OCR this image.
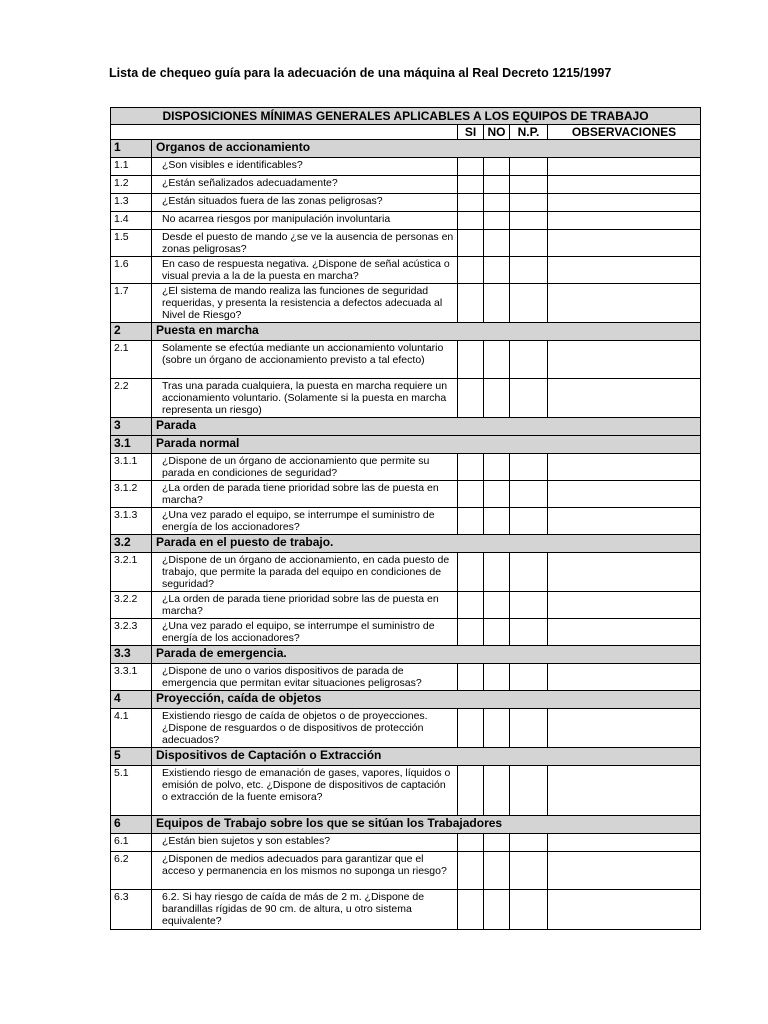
Lista de chequeo guía para la adecuación de una máquina al Real Decreto 1215/1997
DISPOSICIONES MÍNIMAS GENERALES APLICABLES A LOS EQUIPOS DE TRABAJO					
		SI	NO	N.P.	OBSERVACIONES
1	Organos de accionamiento				
1.1	¿Son visibles e identificables?				
1.2	¿Están señalizados adecuadamente?				
1.3	¿Están situados fuera de las zonas peligrosas?				
1.4	No acarrea riesgos por manipulación involuntaria				
1.5	Desde el puesto de mando ¿se ve la ausencia de personas en zonas peligrosas?				
1.6	En caso de respuesta negativa. ¿Dispone de señal acústica o visual previa a la de la puesta en marcha?				
1.7	¿El sistema de mando realiza las funciones de seguridad requeridas, y presenta la resistencia a defectos adecuada al Nivel de Riesgo?				
2	Puesta en marcha				
2.1	Solamente se efectúa mediante un accionamiento voluntario (sobre un órgano de accionamiento previsto a tal efecto)				
2.2	Tras una parada cualquiera, la puesta en marcha requiere un accionamiento voluntario. (Solamente si la puesta en marcha representa un riesgo)				
3	Parada				
3.1	Parada normal				
3.1.1	¿Dispone de un órgano de accionamiento que permite su parada en condiciones de seguridad?				
3.1.2	¿La orden de parada tiene prioridad sobre las de puesta en marcha?				
3.1.3	¿Una vez parado el equipo, se interrumpe el suministro de energía de los accionadores?				
3.2	Parada en el puesto de trabajo.				
3.2.1	¿Dispone de un órgano de accionamiento, en cada puesto de trabajo, que permite la parada del equipo en condiciones de seguridad?				
3.2.2	¿La orden de parada tiene prioridad sobre las de puesta en marcha?				
3.2.3	¿Una vez parado el equipo, se interrumpe el suministro de energía de los accionadores?				
3.3	Parada de emergencia.				
3.3.1	¿Dispone de uno o varios dispositivos de parada de emergencia que permitan evitar situaciones peligrosas?				
4	Proyección, caída de objetos				
4.1	Existiendo riesgo de caída de objetos o de proyecciones. ¿Dispone de resguardos o de dispositivos de protección adecuados?				
5	Dispositivos de Captación o Extracción				
5.1	Existiendo riesgo de emanación de gases, vapores, líquidos o emisión de polvo, etc. ¿Dispone de dispositivos de captación o extracción de la fuente emisora?				
6	Equipos de Trabajo sobre los que se sitúan los Trabajadores				
6.1	¿Están bien sujetos y son estables?				
6.2	¿Disponen de medios adecuados para garantizar que el acceso y permanencia en los mismos no suponga un riesgo?				
6.3	6.2. Si hay riesgo de caída de más de 2 m. ¿Dispone de barandillas rígidas de 90 cm. de altura, u otro sistema equivalente?				
